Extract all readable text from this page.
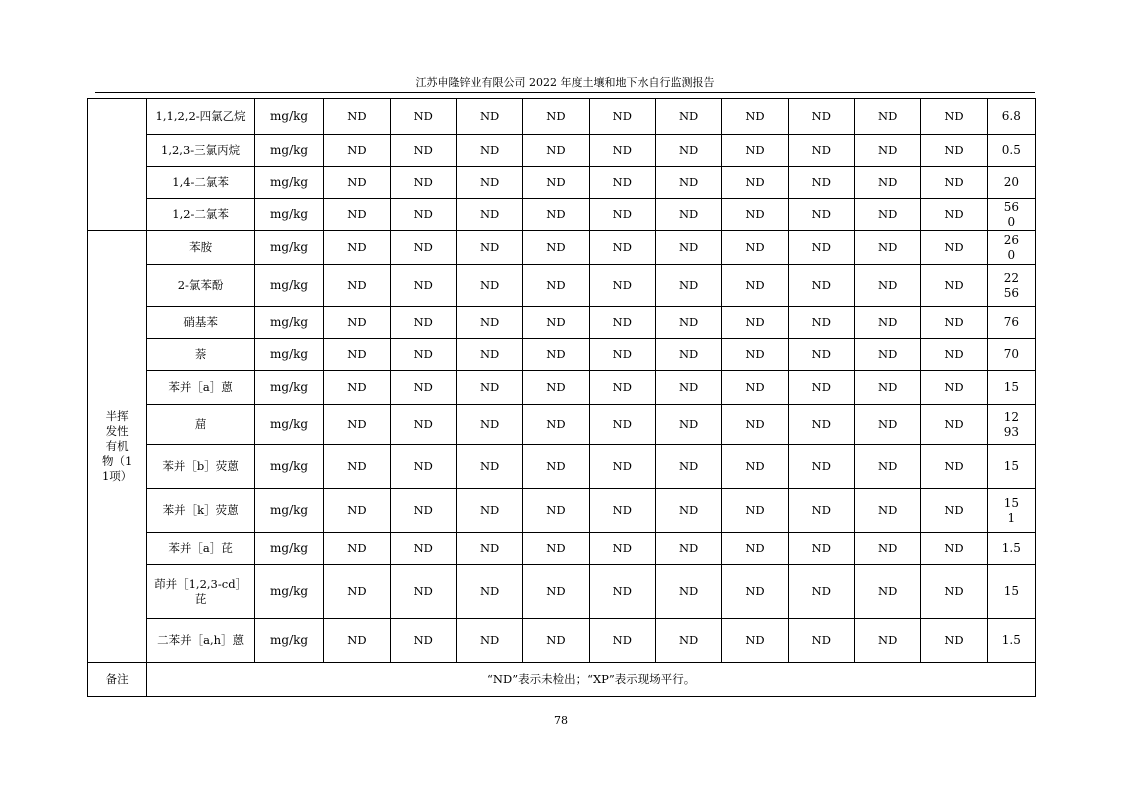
江苏申隆锌业有限公司 2022 年度土壤和地下水自行监测报告
	1,1,2,2-四氯乙烷	mg/kg	ND	ND	ND	ND	ND	ND	ND	ND	ND	ND	6.8
	1,2,3-三氯丙烷	mg/kg	ND	ND	ND	ND	ND	ND	ND	ND	ND	ND	0.5
	1,4-二氯苯	mg/kg	ND	ND	ND	ND	ND	ND	ND	ND	ND	ND	20
	1,2-二氯苯	mg/kg	ND	ND	ND	ND	ND	ND	ND	ND	ND	ND	560
半挥发性有机物（11项）	苯胺	mg/kg	ND	ND	ND	ND	ND	ND	ND	ND	ND	ND	260
	2-氯苯酚	mg/kg	ND	ND	ND	ND	ND	ND	ND	ND	ND	ND	2256
	硝基苯	mg/kg	ND	ND	ND	ND	ND	ND	ND	ND	ND	ND	76
	萘	mg/kg	ND	ND	ND	ND	ND	ND	ND	ND	ND	ND	70
	苯并［a］蒽	mg/kg	ND	ND	ND	ND	ND	ND	ND	ND	ND	ND	15
	䓛	mg/kg	ND	ND	ND	ND	ND	ND	ND	ND	ND	ND	1293
	苯并［b］荧蒽	mg/kg	ND	ND	ND	ND	ND	ND	ND	ND	ND	ND	15
	苯并［k］荧蒽	mg/kg	ND	ND	ND	ND	ND	ND	ND	ND	ND	ND	151
	苯并［a］芘	mg/kg	ND	ND	ND	ND	ND	ND	ND	ND	ND	ND	1.5
	茚并［1,2,3-cd］芘	mg/kg	ND	ND	ND	ND	ND	ND	ND	ND	ND	ND	15
	二苯并［a,h］蒽	mg/kg	ND	ND	ND	ND	ND	ND	ND	ND	ND	ND	1.5
备注	“ND”表示未检出；“XP”表示现场平行。												
78
